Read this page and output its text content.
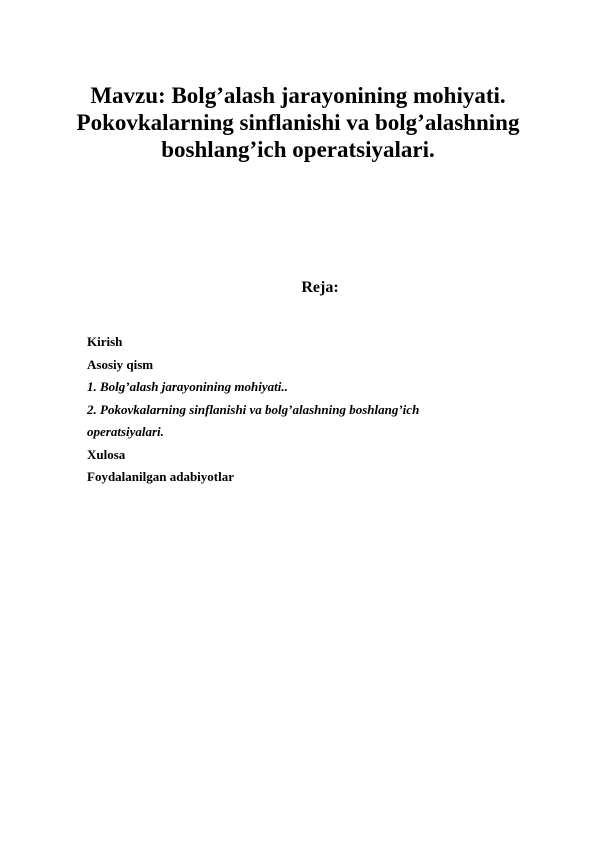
Mavzu: Bolg’alash jarayonining mohiyati.
Pokovkalarning sinflanishi va bolg’alashning
boshlang’ich operatsiyalari.
Reja:
Kirish
Asosiy qism
1. Bolg’alash jarayonining mohiyati..
2. Pokovkalarning sinflanishi va bolg’alashning boshlang’ich
operatsiyalari.
Xulosa
Foydalanilgan adabiyotlar
